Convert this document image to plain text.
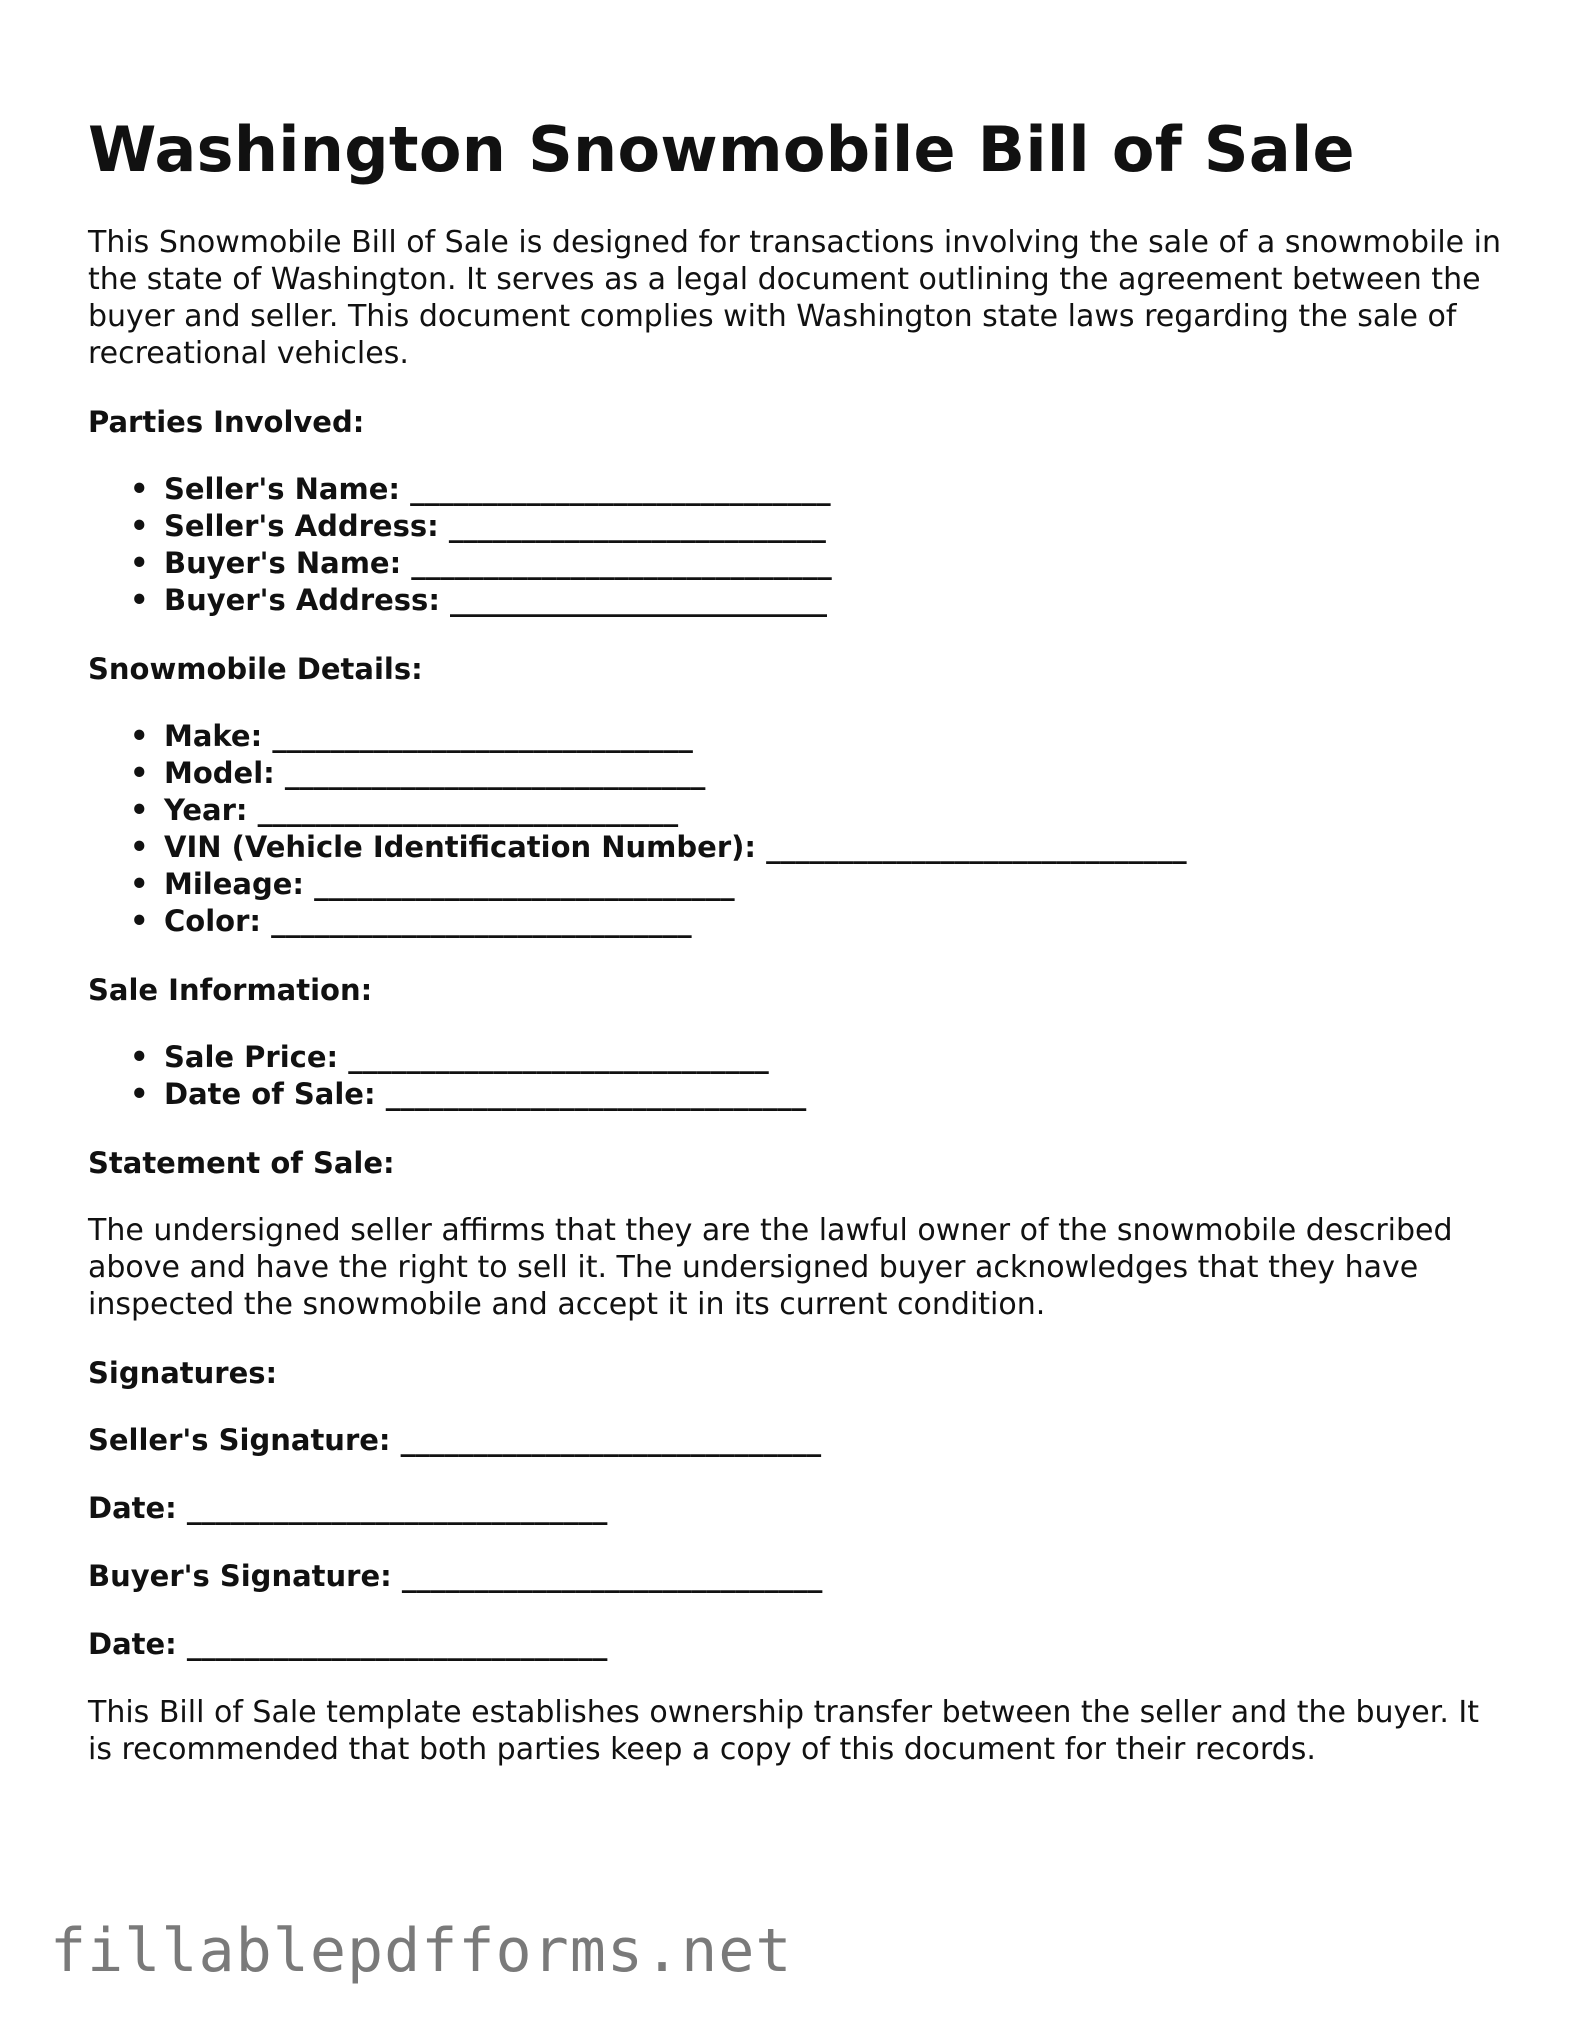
Washington Snowmobile Bill of Sale

This Snowmobile Bill of Sale is designed for transactions involving the sale of a snowmobile in the state of Washington. It serves as a legal document outlining the agreement between the buyer and seller. This document complies with Washington state laws regarding the sale of recreational vehicles.

Parties Involved:
• Seller's Name: _____________________________
• Seller's Address: __________________________
• Buyer's Name: _____________________________
• Buyer's Address: __________________________
Snowmobile Details:
• Make: _____________________________
• Model: _____________________________
• Year: _____________________________
• VIN (Vehicle Identification Number): _____________________________
• Mileage: _____________________________
• Color: _____________________________
Sale Information:
• Sale Price: _____________________________
• Date of Sale: _____________________________
Statement of Sale:

The undersigned seller affirms that they are the lawful owner of the snowmobile described above and have the right to sell it. The undersigned buyer acknowledges that they have inspected the snowmobile and accept it in its current condition.

Signatures:
Seller's Signature: _____________________________
Date: _____________________________
Buyer's Signature: _____________________________
Date: _____________________________

This Bill of Sale template establishes ownership transfer between the seller and the buyer. It is recommended that both parties keep a copy of this document for their records.

fillablepdfforms.net
